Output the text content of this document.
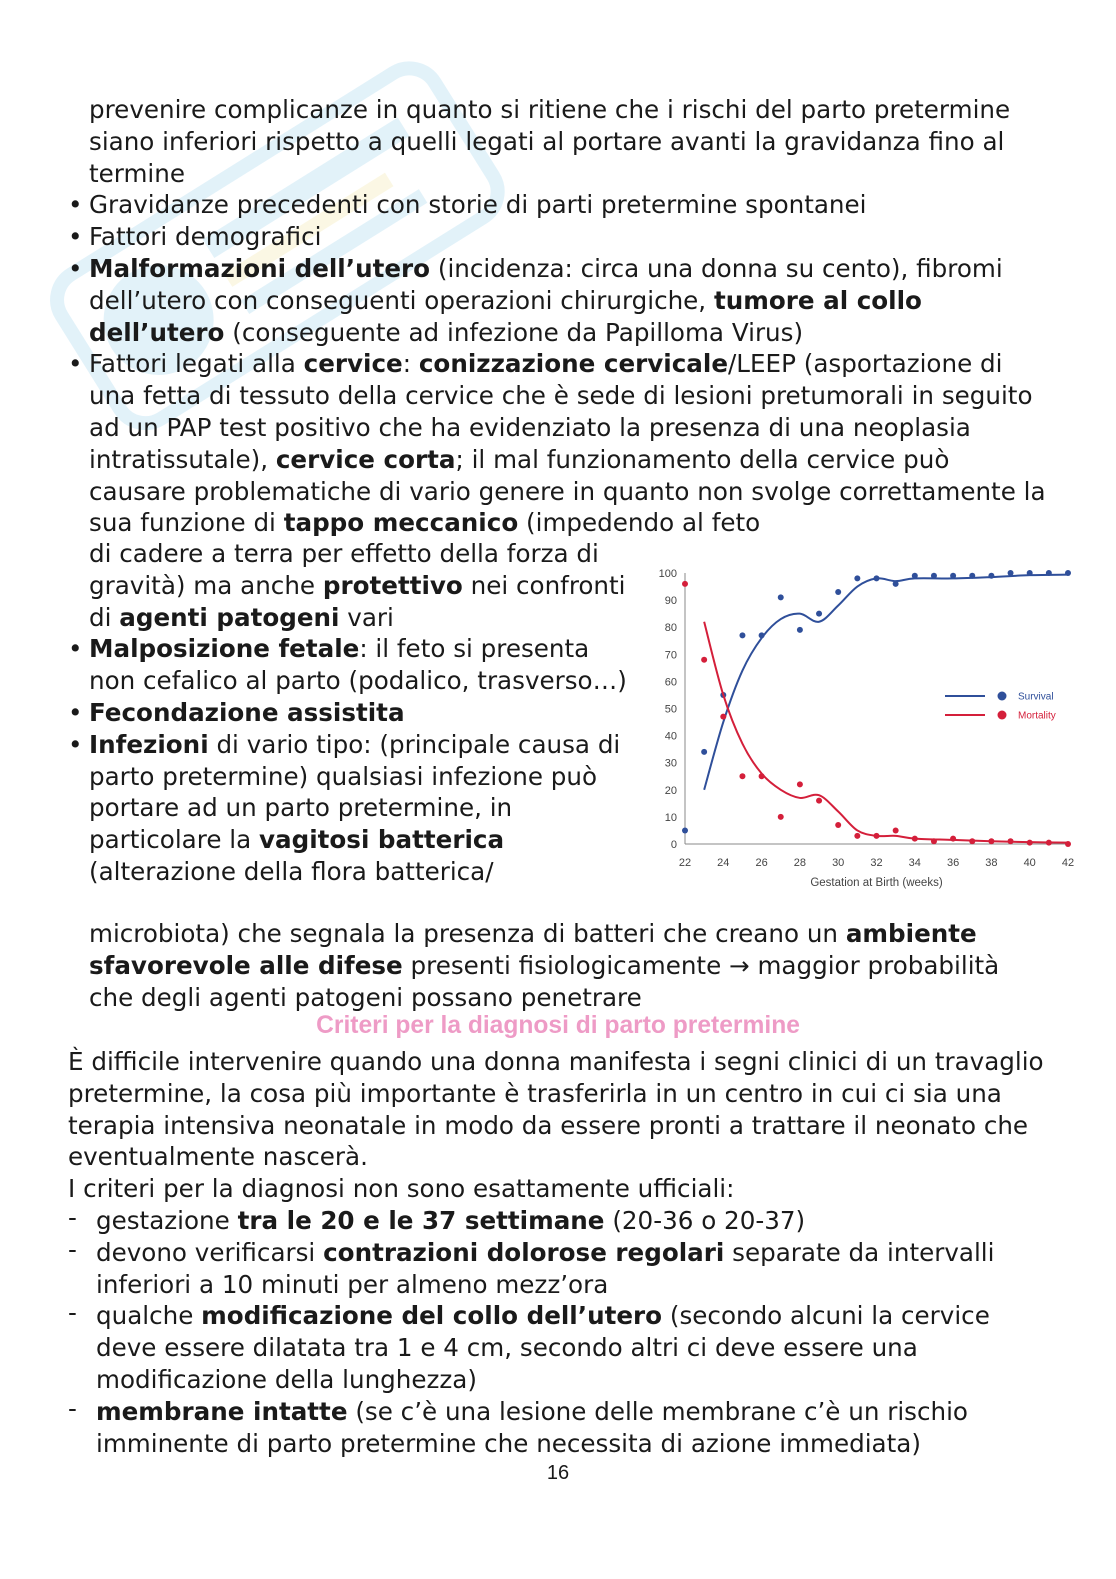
prevenire complicanze in quanto si ritiene che i rischi del parto pretermine siano inferiori rispetto a quelli legati al portare avanti la gravidanza fino al termine

• Gravidanze precedenti con storie di parti pretermine spontanei
• Fattori demografici
• Malformazioni dell’utero (incidenza: circa una donna su cento), fibromi dell’utero con conseguenti operazioni chirurgiche, tumore al collo dell’utero (conseguente ad infezione da Papilloma Virus)
• Fattori legati alla cervice: conizzazione cervicale/LEEP (asportazione di una fetta di tessuto della cervice che è sede di lesioni pretumorali in seguito ad un PAP test positivo che ha evidenziato la presenza di una neoplasia intratissutale), cervice corta; il mal funzionamento della cervice può causare problematiche di vario genere in quanto non svolge correttamente la sua funzione di tappo meccanico (impedendo al feto

di cadere a terra per effetto della forza di gravità) ma anche protettivo nei confronti di agenti patogeni vari

• Malposizione fetale: il feto si presenta non cefalico al parto (podalico, trasverso…)
• Fecondazione assistita
• Infezioni di vario tipo: (principale causa di parto pretermine) qualsiasi infezione può portare ad un parto pretermine, in particolare la vagitosi batterica (alterazione della flora batterica/

microbiota) che segnala la presenza di batteri che creano un ambiente sfavorevole alle difese presenti fisiologicamente → maggior probabilità che degli agenti patogeni possano penetrare

0
10
20
30
40
50
60
70
80
90
100
22 24 26 28 30 32 34 36 38 40 42
Gestation at Birth (weeks)
Survival
Mortality
Criteri per la diagnosi di parto pretermine

È difficile intervenire quando una donna manifesta i segni clinici di un travaglio pretermine, la cosa più importante è trasferirla in un centro in cui ci sia una terapia intensiva neonatale in modo da essere pronti a trattare il neonato che eventualmente nascerà.

I criteri per la diagnosi non sono esattamente ufficiali:

- gestazione tra le 20 e le 37 settimane (20-36 o 20-37)
- devono verificarsi contrazioni dolorose regolari separate da intervalli inferiori a 10 minuti per almeno mezz’ora
- qualche modificazione del collo dell’utero (secondo alcuni la cervice deve essere dilatata tra 1 e 4 cm, secondo altri ci deve essere una modificazione della lunghezza)
- membrane intatte (se c’è una lesione delle membrane c’è un rischio imminente di parto pretermine che necessita di azione immediata)
16
